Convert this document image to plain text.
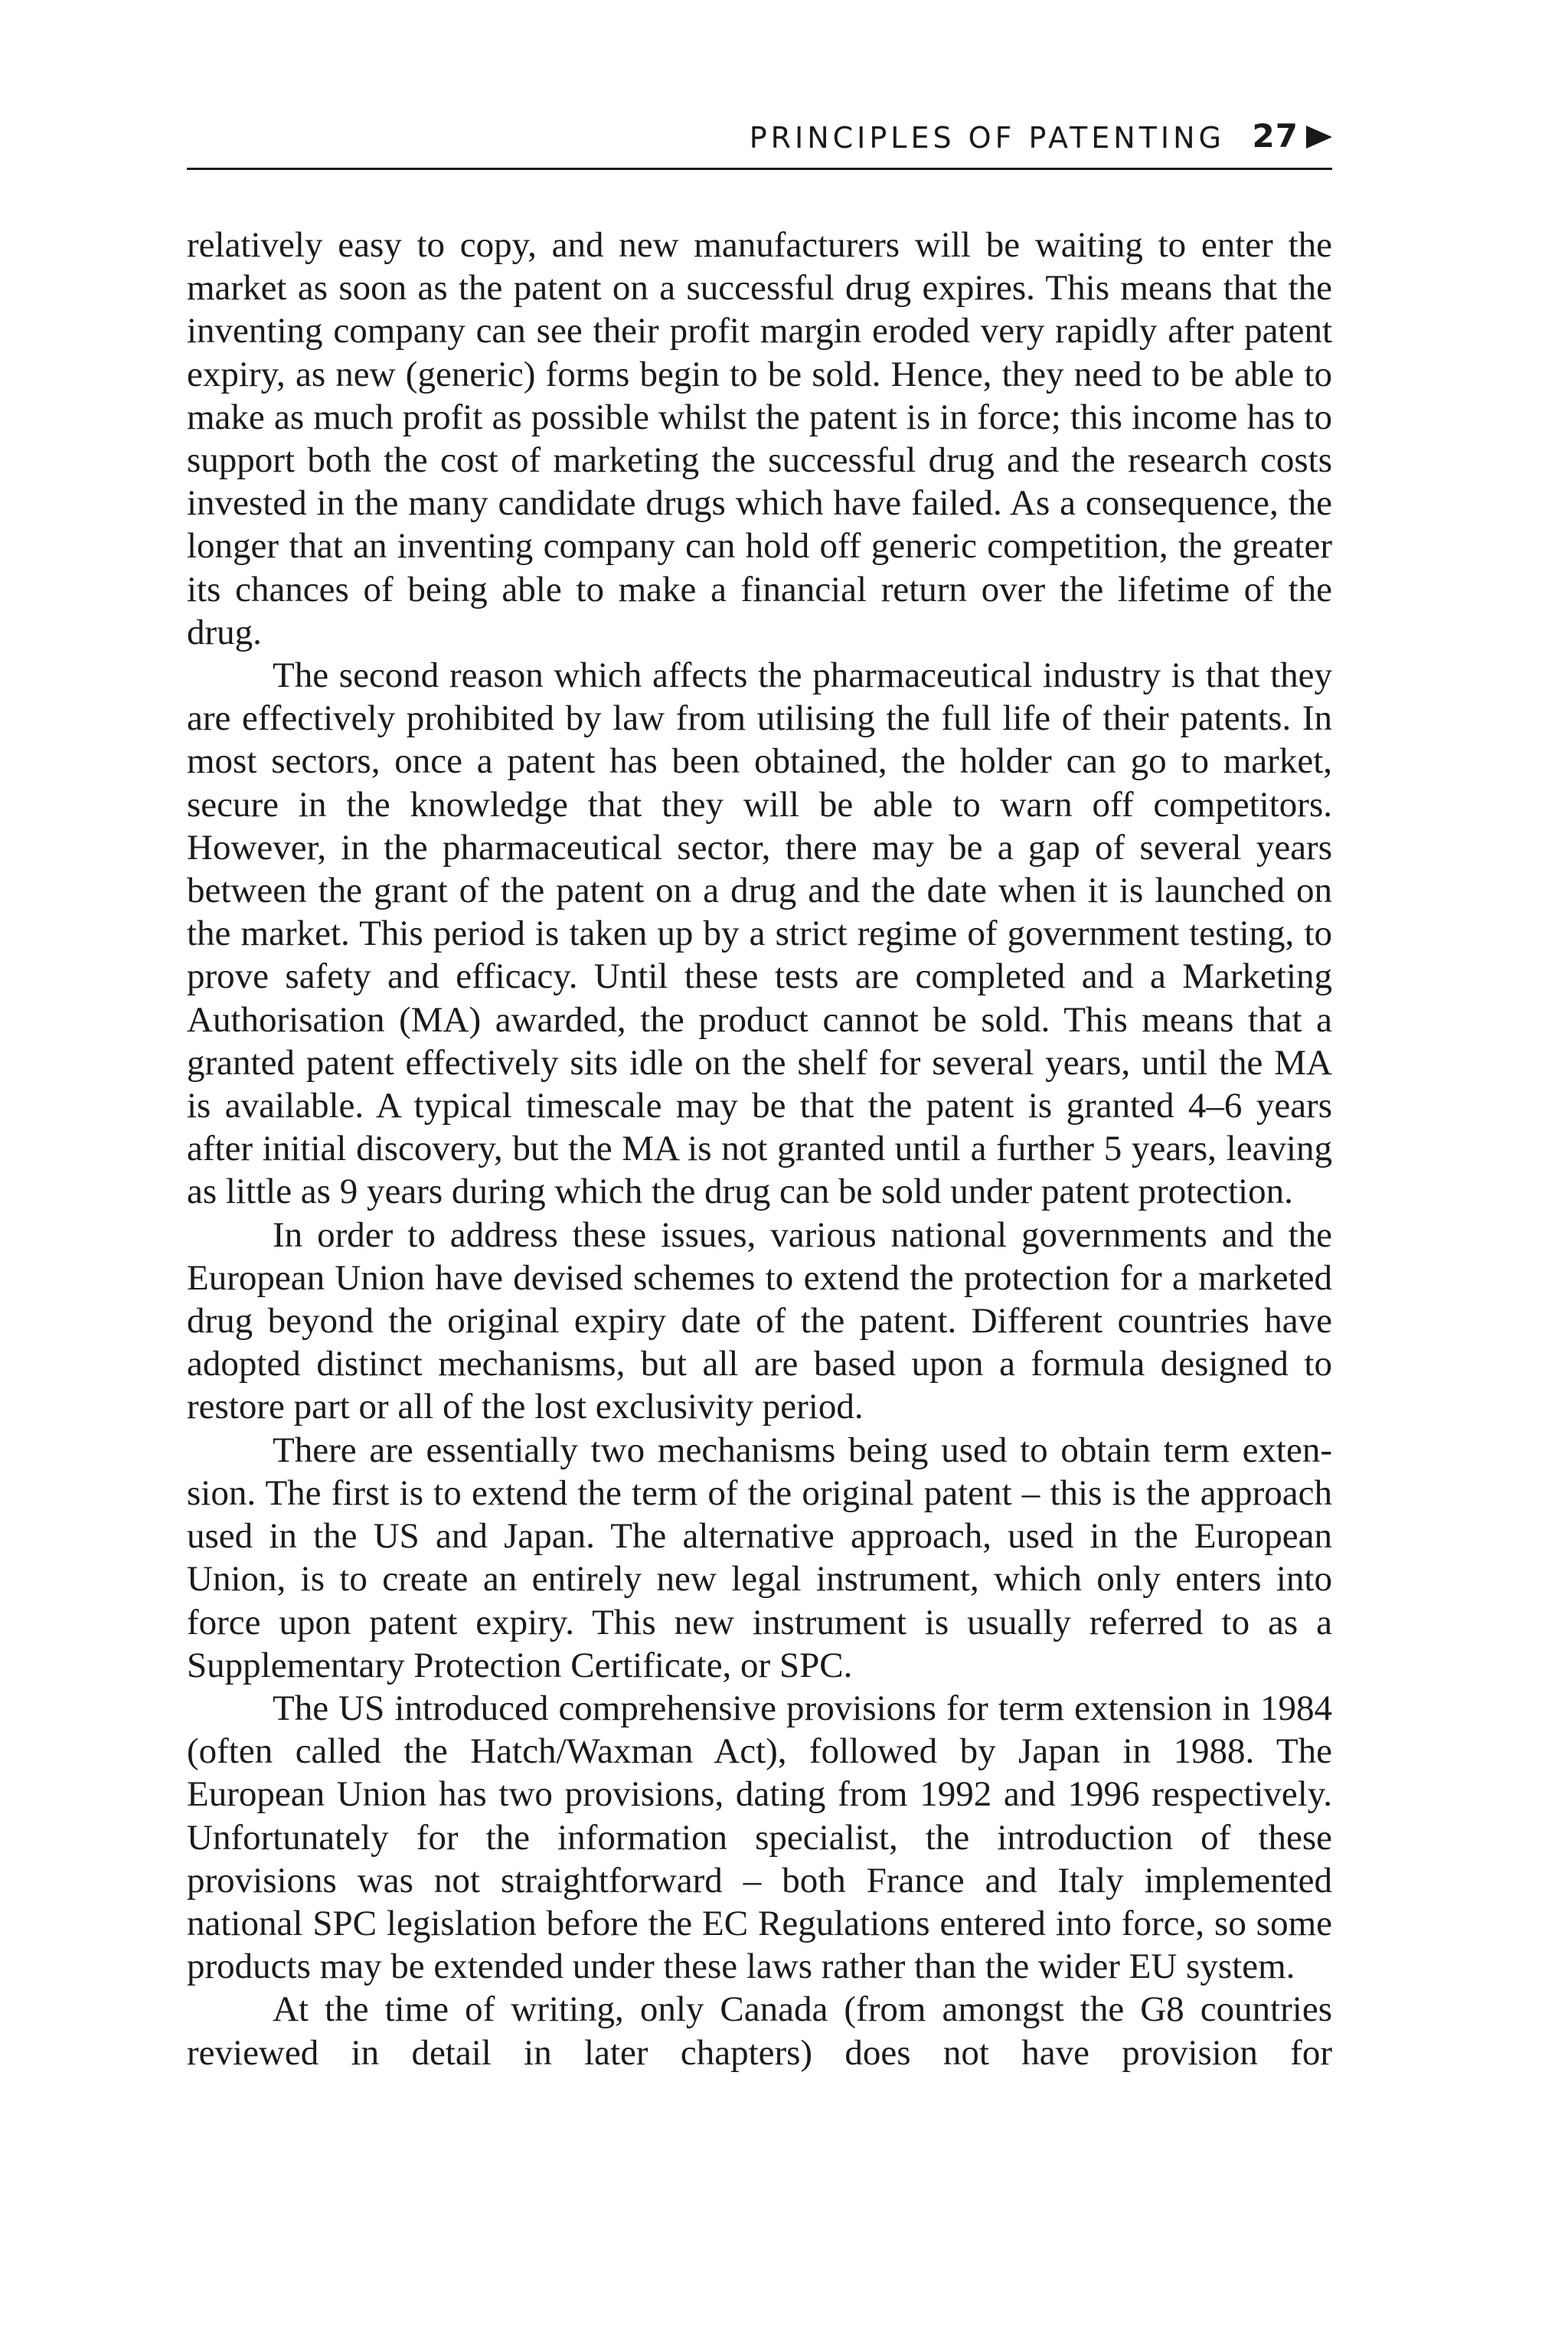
PRINCIPLES OF PATENTING 27

relatively easy to copy, and new manufacturers will be waiting to enter the market as soon as the patent on a successful drug expires. This means that the inventing company can see their profit margin eroded very rapidly after patent expiry, as new (generic) forms begin to be sold. Hence, they need to be able to make as much profit as possible whilst the patent is in force; this income has to support both the cost of marketing the successful drug and the research costs invested in the many candidate drugs which have failed. As a consequence, the longer that an inventing company can hold off generic competition, the greater its chances of being able to make a financial return over the lifetime of the drug.

The second reason which affects the pharmaceutical industry is that they are effectively prohibited by law from utilising the full life of their patents. In most sectors, once a patent has been obtained, the holder can go to market, secure in the knowledge that they will be able to warn off competitors. However, in the pharmaceutical sector, there may be a gap of several years between the grant of the patent on a drug and the date when it is launched on the market. This period is taken up by a strict regime of government testing, to prove safety and efficacy. Until these tests are completed and a Marketing Authorisation (MA) awarded, the product cannot be sold. This means that a granted patent effectively sits idle on the shelf for several years, until the MA is available. A typical timescale may be that the patent is granted 4–6 years after initial discovery, but the MA is not granted until a further 5 years, leaving as little as 9 years during which the drug can be sold under patent protection.

In order to address these issues, various national governments and the European Union have devised schemes to extend the protection for a marketed drug beyond the original expiry date of the patent. Different countries have adopted distinct mechanisms, but all are based upon a formula designed to restore part or all of the lost exclusivity period.

There are essentially two mechanisms being used to obtain term extension. The first is to extend the term of the original patent – this is the approach used in the US and Japan. The alternative approach, used in the European Union, is to create an entirely new legal instrument, which only enters into force upon patent expiry. This new instrument is usually referred to as a Supplementary Protection Certificate, or SPC.

The US introduced comprehensive provisions for term extension in 1984 (often called the Hatch/Waxman Act), followed by Japan in 1988. The European Union has two provisions, dating from 1992 and 1996 respectively. Unfortunately for the information specialist, the introduction of these provisions was not straightforward – both France and Italy implemented national SPC legislation before the EC Regulations entered into force, so some products may be extended under these laws rather than the wider EU system.

At the time of writing, only Canada (from amongst the G8 countries reviewed in detail in later chapters) does not have provision for
